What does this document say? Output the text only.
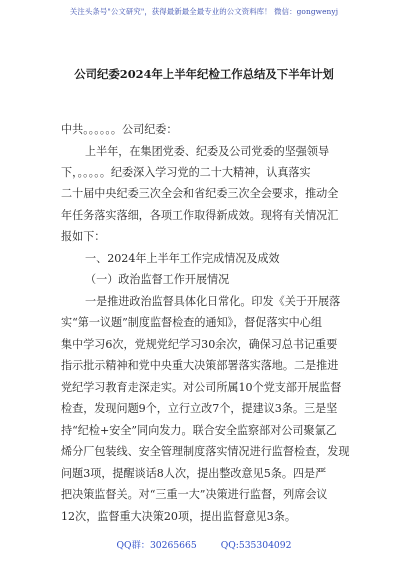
关注头条号"公文研究"，获得最新最全最专业的公文资料库！ 微信：gongwenyj
公司纪委2024年上半年纪检工作总结及下半年计划
中共。。。。。。公司纪委：
上半年，在集团党委、纪委及公司党委的坚强领导
下，。。。。。纪委深入学习党的二十大精神，认真落实
二十届中央纪委三次全会和省纪委三次全会要求，推动全
年任务落实落细，各项工作取得新成效。现将有关情况汇
报如下：
一、2024年上半年工作完成情况及成效
（一）政治监督工作开展情况
一是推进政治监督具体化日常化。印发《关于开展落
实“第一议题”制度监督检查的通知》，督促落实中心组
集中学习6次，党规党纪学习30余次，确保习总书记重要
指示批示精神和党中央重大决策部署落实落地。二是推进
党纪学习教育走深走实。对公司所属10个党支部开展监督
检查，发现问题9个，立行立改7个，提建议3条。三是坚
持“纪检+安全”同向发力。联合安全监察部对公司聚氯乙
烯分厂包装线、安全管理制度落实情况进行监督检查，发现
问题3项，提醒谈话8人次，提出整改意见5条。四是严
把决策监督关。对“三重一大”决策进行监督，列席会议
12次，监督重大决策20项，提出监督意见3条。
QQ群：30265665	QQ:535304092
